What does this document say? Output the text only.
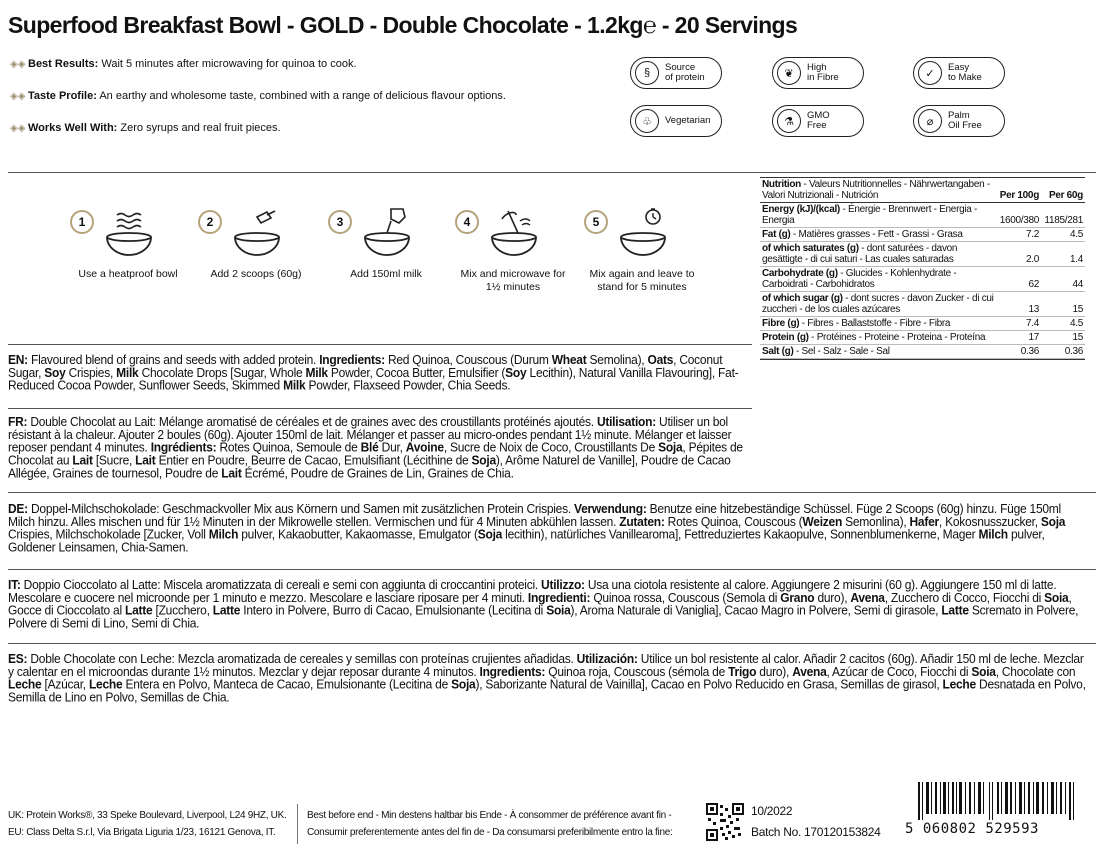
Superfood Breakfast Bowl - GOLD - Double Chocolate - 1.2kg℮ - 20 Servings
◈◈ Best Results: Wait 5 minutes after microwaving for quinoa to cook.
◈◈ Taste Profile: An earthy and wholesome taste, combined with a range of delicious flavour options.
◈◈ Works Well With: Zero syrups and real fruit pieces.
§	Source
of protein	❦	High
in Fibre	✓	Easy
to Make
♧	Vegetarian	⚗	GMO
Free	⌀	Palm
Oil Free
1
Use a heatproof bowl
2
Add 2 scoops (60g)
3
Add 150ml milk
4
Mix and microwave for 1½ minutes
5
Mix again and leave to stand for 5 minutes
Nutrition - Valeurs Nutritionnelles - Nährwertangaben - Valori Nutrizionali - Nutrición	Per 100g	Per 60g
Energy (kJ)/(kcal) - Énergie - Brennwert - Energia - Energia	1600/380	1185/281
Fat (g) - Matières grasses - Fett - Grassi - Grasa	7.2	4.5
of which saturates (g) - dont saturées - davon gesättigte - di cui saturi - Las cuales saturadas	2.0	1.4
Carbohydrate (g) - Glucides - Kohlenhydrate - Carboidrati - Carbohidratos	62	44
of which sugar (g) - dont sucres - davon Zucker - di cui zuccheri - de los cuales azúcares	13	15
Fibre (g) - Fibres - Ballaststoffe - Fibre - Fibra	7.4	4.5
Protein (g) - Protéines - Proteine - Proteina - Proteína	17	15
Salt (g) - Sel - Salz - Sale - Sal	0.36	0.36
EN: Flavoured blend of grains and seeds with added protein. Ingredients: Red Quinoa, Couscous (Durum Wheat Semolina), Oats, Coconut Sugar, Soy Crispies, Milk Chocolate Drops [Sugar, Whole Milk Powder, Cocoa Butter, Emulsifier (Soy Lecithin), Natural Vanilla Flavouring], Fat-Reduced Cocoa Powder, Sunflower Seeds, Skimmed Milk Powder, Flaxseed Powder, Chia Seeds.
FR: Double Chocolat au Lait: Mélange aromatisé de céréales et de graines avec des croustillants protéinés ajoutés. Utilisation: Utiliser un bol résistant à la chaleur. Ajouter 2 boules (60g). Ajouter 150ml de lait. Mélanger et passer au micro-ondes pendant 1½ minute. Mélanger et laisser reposer pendant 4 minutes. Ingrédients: Rotes Quinoa, Semoule de Blé Dur, Avoine, Sucre de Noix de Coco, Croustillants De Soja, Pépites de Chocolat au Lait [Sucre, Lait Entier en Poudre, Beurre de Cacao, Emulsifiant (Lécithine de Soja), Arôme Naturel de Vanille], Poudre de Cacao Allégée, Graines de tournesol, Poudre de Lait Écrémé, Poudre de Graines de Lin, Graines de Chia.
DE: Doppel-Milchschokolade: Geschmackvoller Mix aus Körnern und Samen mit zusätzlichen Protein Crispies. Verwendung: Benutze eine hitzebeständige Schüssel. Füge 2 Scoops (60g) hinzu. Füge 150ml Milch hinzu. Alles mischen und für 1½ Minuten in der Mikrowelle stellen. Vermischen und für 4 Minuten abkühlen lassen. Zutaten: Rotes Quinoa, Couscous (Weizen Semonlina), Hafer, Kokosnusszucker, Soja Crispies, Milchschokolade [Zucker, Voll Milch pulver, Kakaobutter, Kakaomasse, Emulgator (Soja lecithin), natürliches Vanillearoma], Fettreduziertes Kakaopulve, Sonnenblumenkerne, Mager Milch pulver, Goldener Leinsamen, Chia-Samen.
IT: Doppio Cioccolato al Latte: Miscela aromatizzata di cereali e semi con aggiunta di croccantini proteici. Utilizzo: Usa una ciotola resistente al calore. Aggiungere 2 misurini (60 g). Aggiungere 150 ml di latte. Mescolare e cuocere nel microonde per 1 minuto e mezzo. Mescolare e lasciare riposare per 4 minuti. Ingredienti: Quinoa rossa, Couscous (Semola di Grano duro), Avena, Zucchero di Cocco, Fiocchi di Soia, Gocce di Cioccolato al Latte [Zucchero, Latte Intero in Polvere, Burro di Cacao, Emulsionante (Lecitina di Soia), Aroma Naturale di Vaniglia], Cacao Magro in Polvere, Semi di girasole, Latte Scremato in Polvere, Polvere di Semi di Lino, Semi di Chia.
ES: Doble Chocolate con Leche: Mezcla aromatizada de cereales y semillas con proteínas crujientes añadidas. Utilización: Utilice un bol resistente al calor. Añadir 2 cacitos (60g). Añadir 150 ml de leche. Mezclar y calentar en el microondas durante 1½ minutos. Mezclar y dejar reposar durante 4 minutos. Ingredients: Quinoa roja, Couscous (sémola de Trigo duro), Avena, Azúcar de Coco, Fiocchi di Soia, Chocolate con Leche [Azúcar, Leche Entera en Polvo, Manteca de Cacao, Emulsionante (Lecitina de Soja), Saborizante Natural de Vainilla], Cacao en Polvo Reducido en Grasa, Semillas de girasol, Leche Desnatada en Polvo, Semilla de Lino en Polvo, Semillas de Chia.
UK: Protein Works®, 33 Speke Boulevard, Liverpool, L24 9HZ, UK.
EU: Class Delta S.r.l, Via Brigata Liguria 1/23, 16121 Genova, IT.
Best before end - Min destens haltbar bis Ende - À consommer de préférence avant fin -
Consumir preferentemente antes del fin de - Da consumarsi preferibilmente entro la fine:
10/2022
Batch No. 170120153824 5 060802 529593
